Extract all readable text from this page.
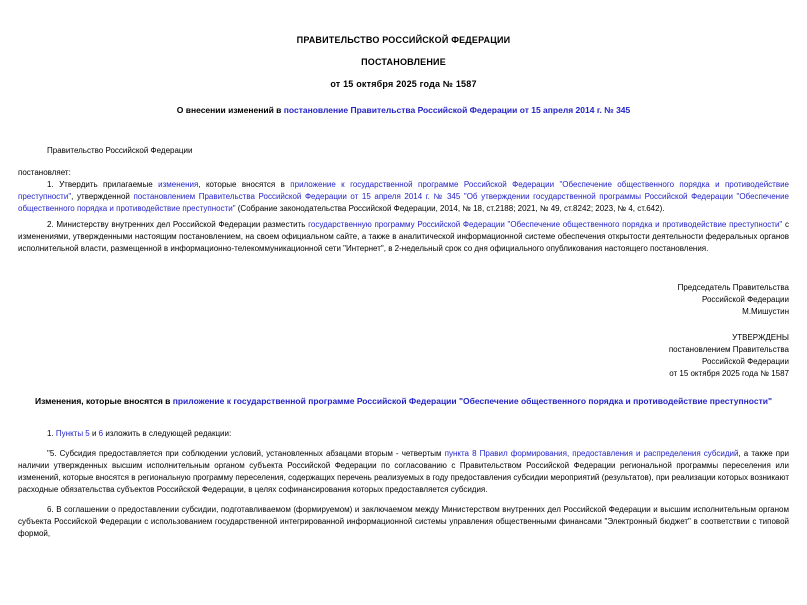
ПРАВИТЕЛЬСТВО РОССИЙСКОЙ ФЕДЕРАЦИИ
ПОСТАНОВЛЕНИЕ
от 15 октября 2025 года № 1587
О внесении изменений в постановление Правительства Российской Федерации от 15 апреля 2014 г. № 345

Правительство Российской Федерации

постановляет:

1. Утвердить прилагаемые изменения, которые вносятся в приложение к государственной программе Российской Федерации "Обеспечение общественного порядка и противодействие преступности", утвержденной постановлением Правительства Российской Федерации от 15 апреля 2014 г. № 345 "Об утверждении государственной программы Российской Федерации "Обеспечение общественного порядка и противодействие преступности" (Собрание законодательства Российской Федерации, 2014, № 18, ст.2188; 2021, № 49, ст.8242; 2023, № 4, ст.642).

2. Министерству внутренних дел Российской Федерации разместить государственную программу Российской Федерации "Обеспечение общественного порядка и противодействие преступности" с изменениями, утвержденными настоящим постановлением, на своем официальном сайте, а также в аналитической информационной системе обеспечения открытости деятельности федеральных органов исполнительной власти, размещенной в информационно-телекоммуникационной сети "Интернет", в 2-недельный срок со дня официального опубликования настоящего постановления.

Председатель Правительства
Российской Федерации
М.Мишустин
УТВЕРЖДЕНЫ
постановлением Правительства
Российской Федерации
от 15 октября 2025 года № 1587
Изменения, которые вносятся в приложение к государственной программе Российской Федерации "Обеспечение общественного порядка и противодействие преступности"

1. Пункты 5 и 6 изложить в следующей редакции:

"5. Субсидия предоставляется при соблюдении условий, установленных абзацами вторым - четвертым пункта 8 Правил формирования, предоставления и распределения субсидий, а также при наличии утвержденных высшим исполнительным органом субъекта Российской Федерации по согласованию с Правительством Российской Федерации региональной программы переселения или изменений, которые вносятся в региональную программу переселения, содержащих перечень реализуемых в году предоставления субсидии мероприятий (результатов), при реализации которых возникают расходные обязательства субъектов Российской Федерации, в целях софинансирования которых предоставляется субсидия.

6. В соглашении о предоставлении субсидии, подготавливаемом (формируемом) и заключаемом между Министерством внутренних дел Российской Федерации и высшим исполнительным органом субъекта Российской Федерации с использованием государственной интегрированной информационной системы управления общественными финансами "Электронный бюджет" в соответствии с типовой формой,
